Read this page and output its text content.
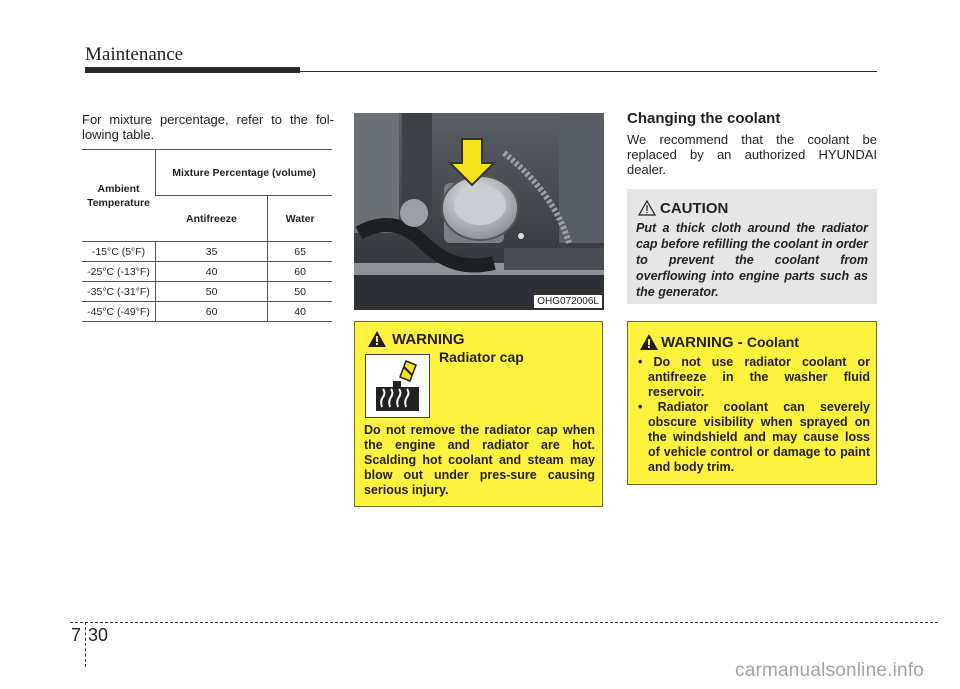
Maintenance
For mixture percentage, refer to the fol-lowing table.
Ambient Temperature	Mixture Percentage (volume)	
	Antifreeze	Water
-15°C (5°F)	35	65
-25°C (-13°F)	40	60
-35°C (-31°F)	50	50
-45°C (-49°F)	60	40
OHG072006L
WARNING
Radiator cap
Do not remove the radiator cap when the engine and radiator are hot. Scalding hot coolant and steam may blow out under pres-sure causing serious injury.
Changing the coolant
We recommend that the coolant be replaced by an authorized HYUNDAI dealer.
CAUTION
Put a thick cloth around the radiator cap before refilling the coolant in order to prevent the coolant from overflowing into engine parts such as the generator.
WARNING - Coolant
• Do not use radiator coolant or antifreeze in the washer fluid reservoir.
• Radiator coolant can severely obscure visibility when sprayed on the windshield and may cause loss of vehicle control or damage to paint and body trim.
7 30
carmanualsonline.info
